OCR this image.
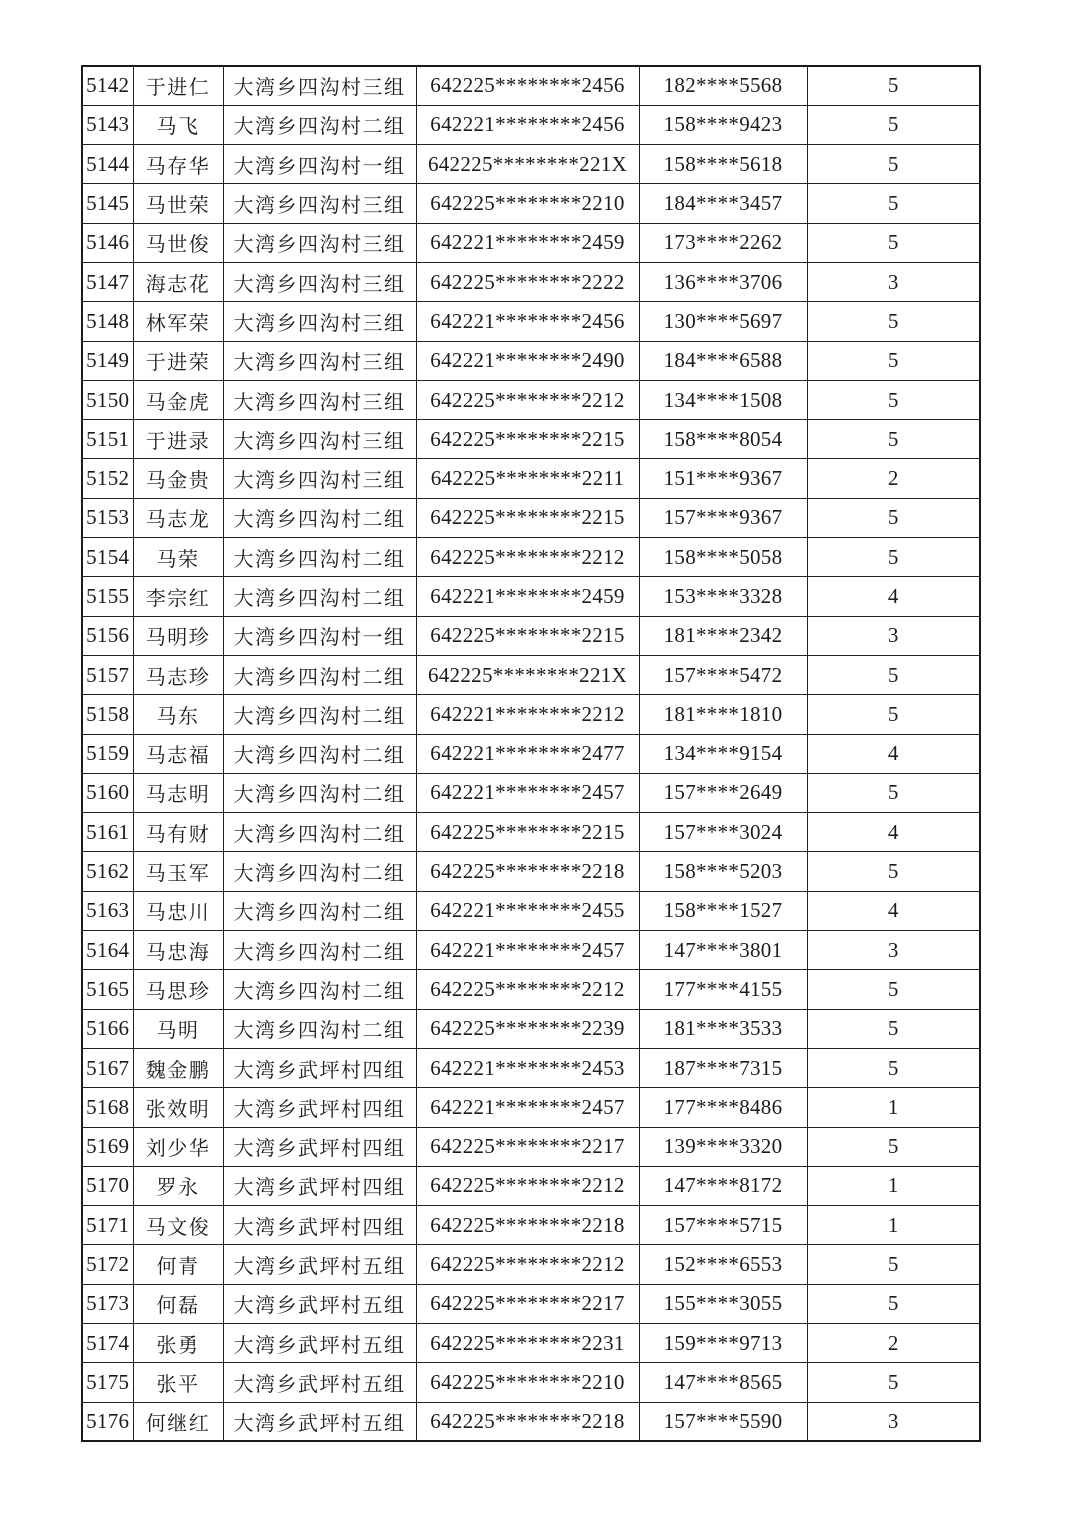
5142	于进仁	大湾乡四沟村三组	642225********2456	182****5568	5
5143	马飞	大湾乡四沟村二组	642221********2456	158****9423	5
5144	马存华	大湾乡四沟村一组	642225********221X	158****5618	5
5145	马世荣	大湾乡四沟村三组	642225********2210	184****3457	5
5146	马世俊	大湾乡四沟村三组	642221********2459	173****2262	5
5147	海志花	大湾乡四沟村三组	642225********2222	136****3706	3
5148	林军荣	大湾乡四沟村三组	642221********2456	130****5697	5
5149	于进荣	大湾乡四沟村三组	642221********2490	184****6588	5
5150	马金虎	大湾乡四沟村三组	642225********2212	134****1508	5
5151	于进录	大湾乡四沟村三组	642225********2215	158****8054	5
5152	马金贵	大湾乡四沟村三组	642225********2211	151****9367	2
5153	马志龙	大湾乡四沟村二组	642225********2215	157****9367	5
5154	马荣	大湾乡四沟村二组	642225********2212	158****5058	5
5155	李宗红	大湾乡四沟村二组	642221********2459	153****3328	4
5156	马明珍	大湾乡四沟村一组	642225********2215	181****2342	3
5157	马志珍	大湾乡四沟村二组	642225********221X	157****5472	5
5158	马东	大湾乡四沟村二组	642221********2212	181****1810	5
5159	马志福	大湾乡四沟村二组	642221********2477	134****9154	4
5160	马志明	大湾乡四沟村二组	642221********2457	157****2649	5
5161	马有财	大湾乡四沟村二组	642225********2215	157****3024	4
5162	马玉军	大湾乡四沟村二组	642225********2218	158****5203	5
5163	马忠川	大湾乡四沟村二组	642221********2455	158****1527	4
5164	马忠海	大湾乡四沟村二组	642221********2457	147****3801	3
5165	马思珍	大湾乡四沟村二组	642225********2212	177****4155	5
5166	马明	大湾乡四沟村二组	642225********2239	181****3533	5
5167	魏金鹏	大湾乡武坪村四组	642221********2453	187****7315	5
5168	张效明	大湾乡武坪村四组	642221********2457	177****8486	1
5169	刘少华	大湾乡武坪村四组	642225********2217	139****3320	5
5170	罗永	大湾乡武坪村四组	642225********2212	147****8172	1
5171	马文俊	大湾乡武坪村四组	642225********2218	157****5715	1
5172	何青	大湾乡武坪村五组	642225********2212	152****6553	5
5173	何磊	大湾乡武坪村五组	642225********2217	155****3055	5
5174	张勇	大湾乡武坪村五组	642225********2231	159****9713	2
5175	张平	大湾乡武坪村五组	642225********2210	147****8565	5
5176	何继红	大湾乡武坪村五组	642225********2218	157****5590	3
